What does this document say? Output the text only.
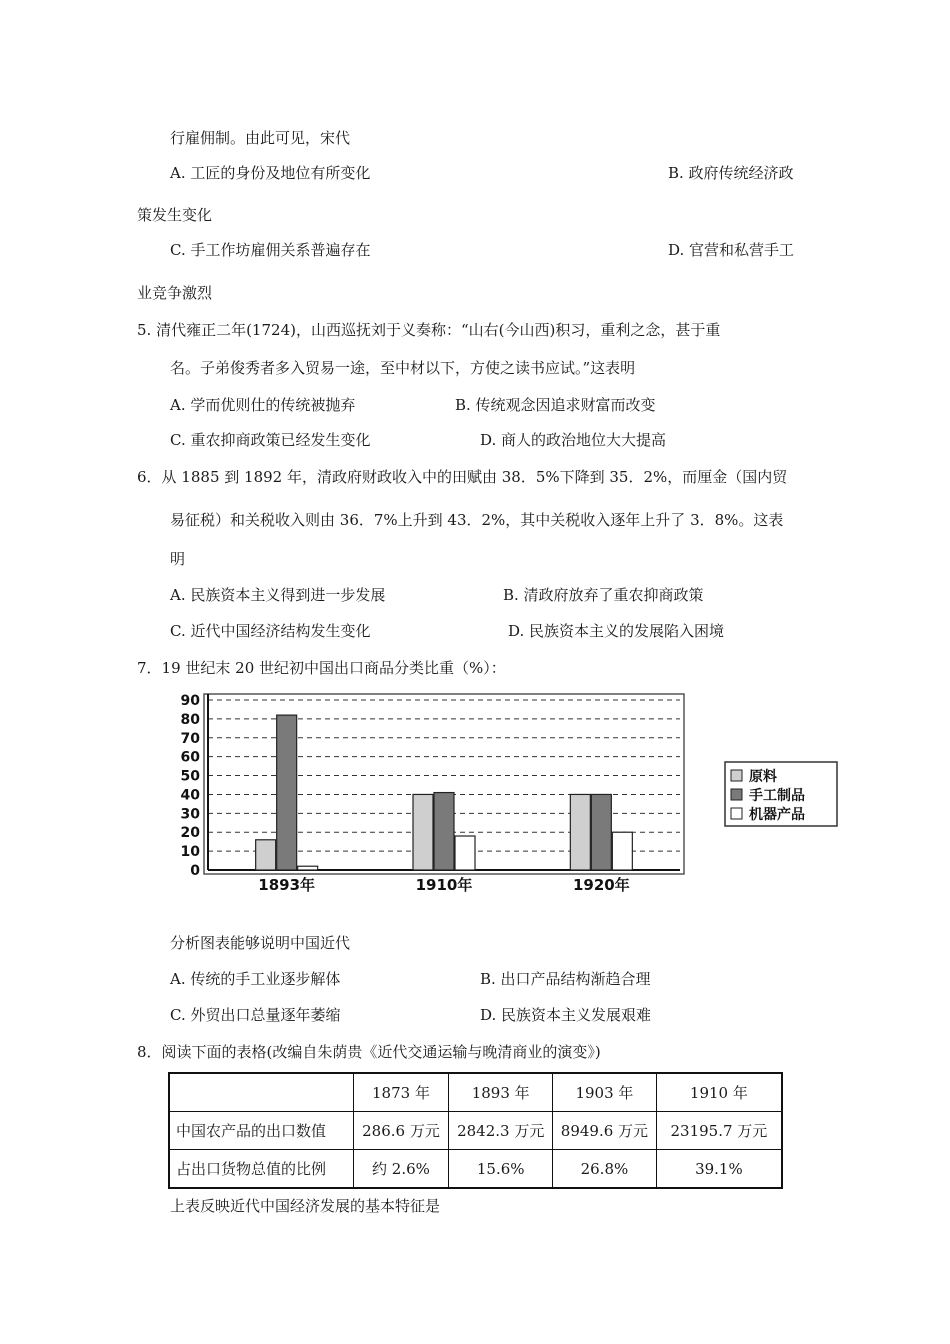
行雇佣制。由此可见，宋代
A. 工匠的身份及地位有所变化	B. 政府传统经济政
策发生变化
C. 手工作坊雇佣关系普遍存在	D. 官营和私营手工
业竞争激烈
5. 清代雍正二年(1724)，山西巡抚刘于义奏称：“山右(今山西)积习，重利之念，甚于重
名。子弟俊秀者多入贸易一途，至中材以下，方使之读书应试。”这表明
A. 学而优则仕的传统被抛弃	B. 传统观念因追求财富而改变
C. 重农抑商政策已经发生变化	D. 商人的政治地位大大提高
6．从 1885 到 1892 年，清政府财政收入中的田赋由 38．5%下降到 35．2%，而厘金（国内贸
易征税）和关税收入则由 36．7%上升到 43．2%，其中关税收入逐年上升了 3．8%。这表
明
A. 民族资本主义得到进一步发展	B. 清政府放弃了重农抑商政策
C. 近代中国经济结构发生变化	D. 民族资本主义的发展陷入困境
7．19 世纪末 20 世纪初中国出口商品分类比重（%）：
0
10
20
30
40
50
60
70
80
90
1893年	1910年	1920年
原料
手工制品
机器产品
分析图表能够说明中国近代
A. 传统的手工业逐步解体	B. 出口产品结构渐趋合理
C. 外贸出口总量逐年萎缩	D. 民族资本主义发展艰难
8．阅读下面的表格(改编自朱荫贵《近代交通运输与晚清商业的演变》)
	1873 年	1893 年	1903 年	1910 年
中国农产品的出口数值	286.6 万元	2842.3 万元	8949.6 万元	23195.7 万元
占出口货物总值的比例	约 2.6%	15.6%	26.8%	39.1%
上表反映近代中国经济发展的基本特征是
